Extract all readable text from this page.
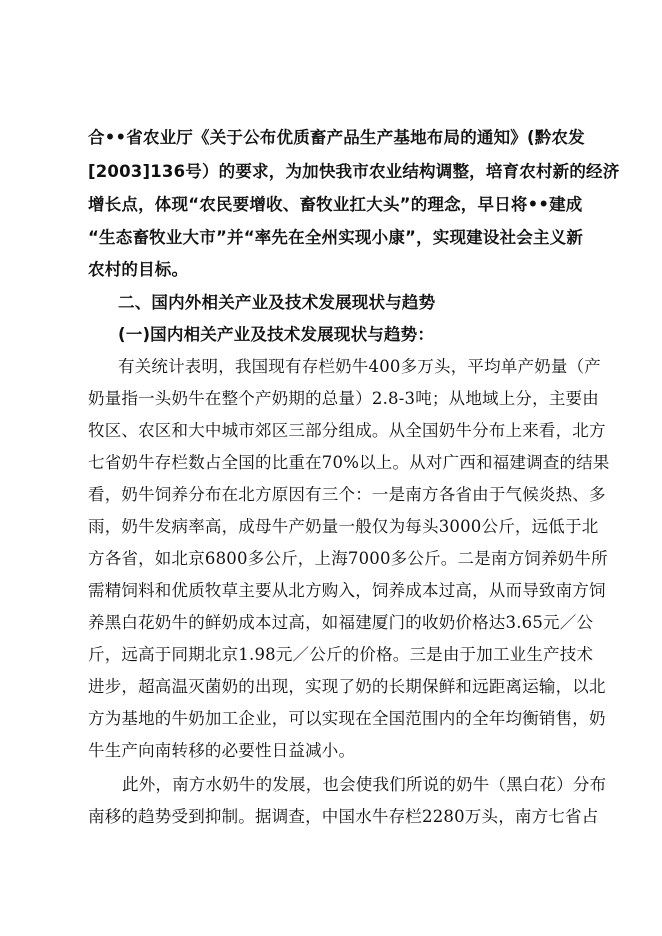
合••省农业厅《关于公布优质畜产品生产基地布局的通知》(黔农发
[2003]136号）的要求，为加快我市农业结构调整，培育农村新的经济
增长点，体现“农民要增收、畜牧业扛大头”的理念，早日将••建成
“生态畜牧业大市”并“率先在全州实现小康”，实现建设社会主义新
农村的目标。
二、国内外相关产业及技术发展现状与趋势
(一)国内相关产业及技术发展现状与趋势：
有关统计表明，我国现有存栏奶牛400多万头，平均单产奶量（产
奶量指一头奶牛在整个产奶期的总量）2.8-3吨；从地域上分，主要由
牧区、农区和大中城市郊区三部分组成。从全国奶牛分布上来看，北方
七省奶牛存栏数占全国的比重在70%以上。从对广西和福建调查的结果
看，奶牛饲养分布在北方原因有三个：一是南方各省由于气候炎热、多
雨，奶牛发病率高，成母牛产奶量一般仅为每头3000公斤，远低于北
方各省，如北京6800多公斤，上海7000多公斤。二是南方饲养奶牛所
需精饲料和优质牧草主要从北方购入，饲养成本过高，从而导致南方饲
养黑白花奶牛的鲜奶成本过高，如福建厦门的收奶价格达3.65元／公
斤，远高于同期北京1.98元／公斤的价格。三是由于加工业生产技术
进步，超高温灭菌奶的出现，实现了奶的长期保鲜和远距离运输，以北
方为基地的牛奶加工企业，可以实现在全国范围内的全年均衡销售，奶
牛生产向南转移的必要性日益减小。
此外，南方水奶牛的发展，也会使我们所说的奶牛（黑白花）分布
南移的趋势受到抑制。据调查，中国水牛存栏2280万头，南方七省占
